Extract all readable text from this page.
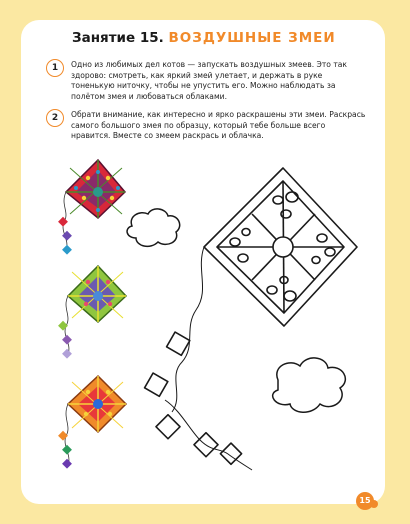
Занятие 15. ВОЗДУШНЫЕ ЗМЕИ
1	Одно из любимых дел котов — запускать воздушных змеев. Это так здорово: смотреть, как яркий змей улетает, и держать в руке тоненькую ниточку, чтобы не упустить его. Можно наблюдать за полётом змея и любоваться облаками.
2	Обрати внимание, как интересно и ярко раскрашены эти змеи. Раскрась самого большого змея по образцу, который тебе больше всего нравится. Вместе со змеем раскрась и облачка.
15
